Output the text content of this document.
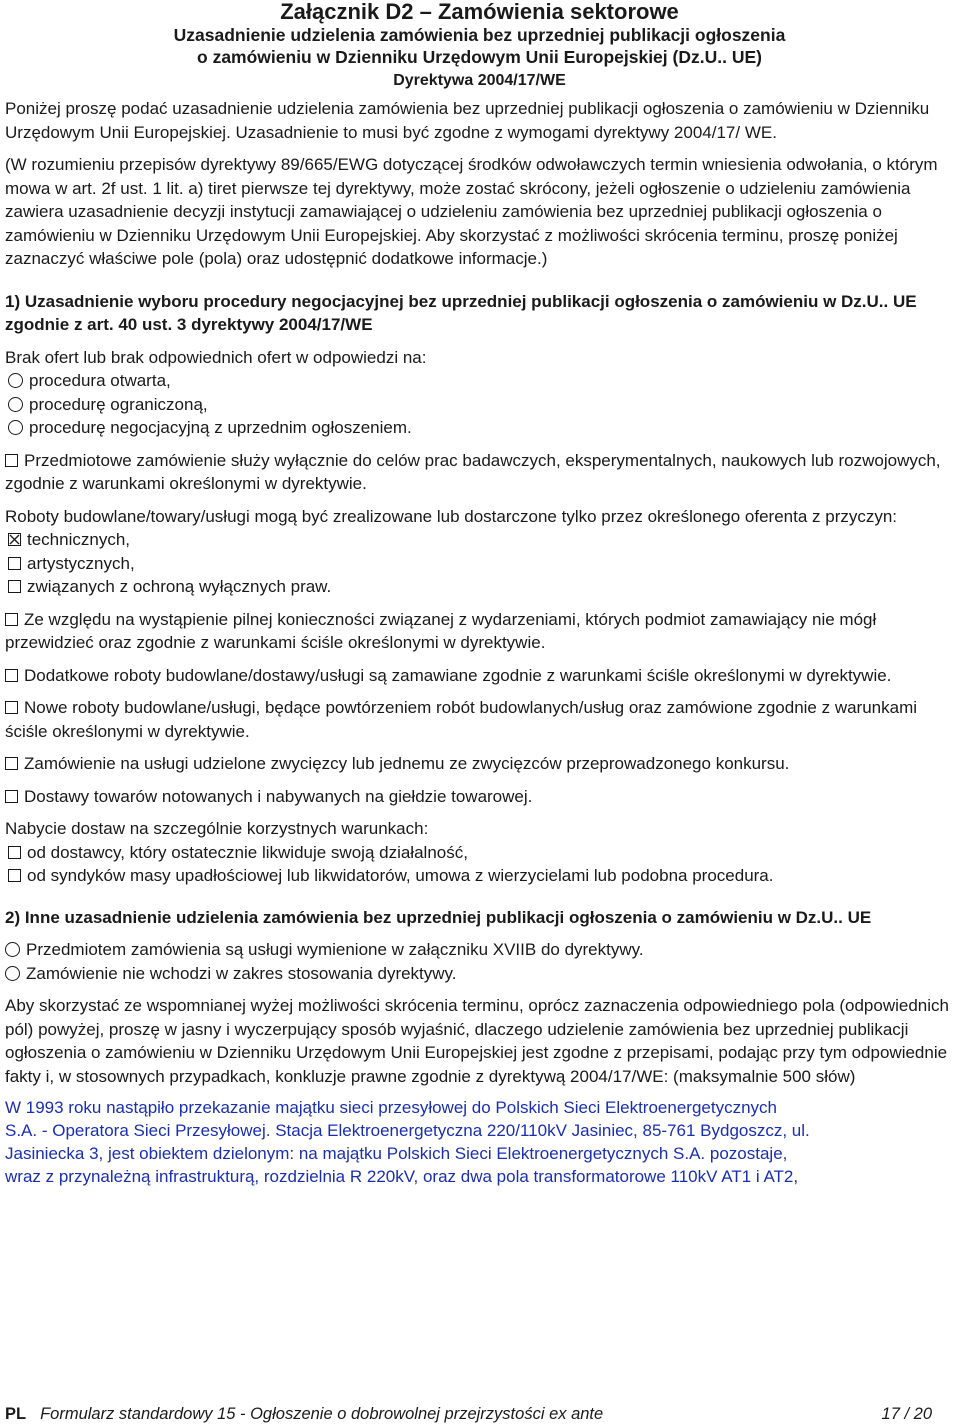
Załącznik D2 – Zamówienia sektorowe
Uzasadnienie udzielenia zamówienia bez uprzedniej publikacji ogłoszenia
o zamówieniu w Dzienniku Urzędowym Unii Europejskiej (Dz.U.. UE)
Dyrektywa 2004/17/WE

Poniżej proszę podać uzasadnienie udzielenia zamówienia bez uprzedniej publikacji ogłoszenia o zamówieniu w Dzienniku Urzędowym Unii Europejskiej. Uzasadnienie to musi być zgodne z wymogami dyrektywy 2004/17/ WE.

(W rozumieniu przepisów dyrektywy 89/665/EWG dotyczącej środków odwoławczych termin wniesienia odwołania, o którym mowa w art. 2f ust. 1 lit. a) tiret pierwsze tej dyrektywy, może zostać skrócony, jeżeli ogłoszenie o udzieleniu zamówienia zawiera uzasadnienie decyzji instytucji zamawiającej o udzieleniu zamówienia bez uprzedniej publikacji ogłoszenia o zamówieniu w Dzienniku Urzędowym Unii Europejskiej. Aby skorzystać z możliwości skrócenia terminu, proszę poniżej zaznaczyć właściwe pole (pola) oraz udostępnić dodatkowe informacje.)

1) Uzasadnienie wyboru procedury negocjacyjnej bez uprzedniej publikacji ogłoszenia o zamówieniu w Dz.U.. UE zgodnie z art. 40 ust. 3 dyrektywy 2004/17/WE

Brak ofert lub brak odpowiednich ofert w odpowiedzi na:

procedura otwarta,
procedurę ograniczoną,
procedurę negocjacyjną z uprzednim ogłoszeniem.

Przedmiotowe zamówienie służy wyłącznie do celów prac badawczych, eksperymentalnych, naukowych lub rozwojowych, zgodnie z warunkami określonymi w dyrektywie.

Roboty budowlane/towary/usługi mogą być zrealizowane lub dostarczone tylko przez określonego oferenta z przyczyn:

technicznych,
artystycznych,
związanych z ochroną wyłącznych praw.

Ze względu na wystąpienie pilnej konieczności związanej z wydarzeniami, których podmiot zamawiający nie mógł przewidzieć oraz zgodnie z warunkami ściśle określonymi w dyrektywie.

Dodatkowe roboty budowlane/dostawy/usługi są zamawiane zgodnie z warunkami ściśle określonymi w dyrektywie.

Nowe roboty budowlane/usługi, będące powtórzeniem robót budowlanych/usług oraz zamówione zgodnie z warunkami ściśle określonymi w dyrektywie.

Zamówienie na usługi udzielone zwycięzcy lub jednemu ze zwycięzców przeprowadzonego konkursu.

Dostawy towarów notowanych i nabywanych na giełdzie towarowej.

Nabycie dostaw na szczególnie korzystnych warunkach:

od dostawcy, który ostatecznie likwiduje swoją działalność,
od syndyków masy upadłościowej lub likwidatorów, umowa z wierzycielami lub podobna procedura.
2) Inne uzasadnienie udzielenia zamówienia bez uprzedniej publikacji ogłoszenia o zamówieniu w Dz.U.. UE
Przedmiotem zamówienia są usługi wymienione w załączniku XVIIB do dyrektywy.
Zamówienie nie wchodzi w zakres stosowania dyrektywy.

Aby skorzystać ze wspomnianej wyżej możliwości skrócenia terminu, oprócz zaznaczenia odpowiedniego pola (odpowiednich pól) powyżej, proszę w jasny i wyczerpujący sposób wyjaśnić, dlaczego udzielenie zamówienia bez uprzedniej publikacji ogłoszenia o zamówieniu w Dzienniku Urzędowym Unii Europejskiej jest zgodne z przepisami, podając przy tym odpowiednie fakty i, w stosownych przypadkach, konkluzje prawne zgodnie z dyrektywą 2004/17/WE: (maksymalnie 500 słów)

W 1993 roku nastąpiło przekazanie majątku sieci przesyłowej do Polskich Sieci Elektroenergetycznych
S.A. - Operatora Sieci Przesyłowej. Stacja Elektroenergetyczna 220/110kV Jasiniec, 85-761 Bydgoszcz, ul.
Jasiniecka 3, jest obiektem dzielonym: na majątku Polskich Sieci Elektroenergetycznych S.A. pozostaje,
wraz z przynależną infrastrukturą, rozdzielnia R 220kV, oraz dwa pola transformatorowe 110kV AT1 i AT2,
PL Formularz standardowy 15 - Ogłoszenie o dobrowolnej przejrzystości ex ante	17 / 20
